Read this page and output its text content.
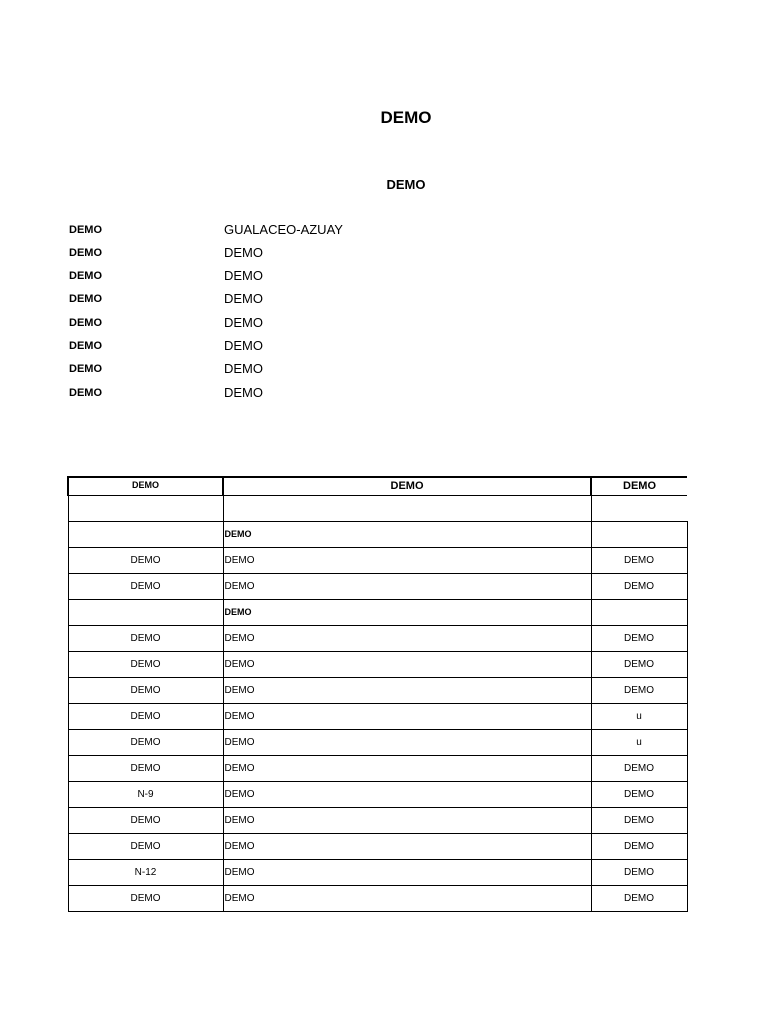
DEMO
DEMO
DEMO	GUALACEO-AZUAY
DEMO	DEMO
DEMO	DEMO
DEMO	DEMO
DEMO	DEMO
DEMO	DEMO
DEMO	DEMO
DEMO	DEMO
DEMO	DEMO	DEMO

	DEMO	
DEMO	DEMO	DEMO
DEMO	DEMO	DEMO
	DEMO	
DEMO	DEMO	DEMO
DEMO	DEMO	DEMO
DEMO	DEMO	DEMO
DEMO	DEMO	u
DEMO	DEMO	u
DEMO	DEMO	DEMO
N-9	DEMO	DEMO
DEMO	DEMO	DEMO
DEMO	DEMO	DEMO
N-12	DEMO	DEMO
DEMO	DEMO	DEMO
